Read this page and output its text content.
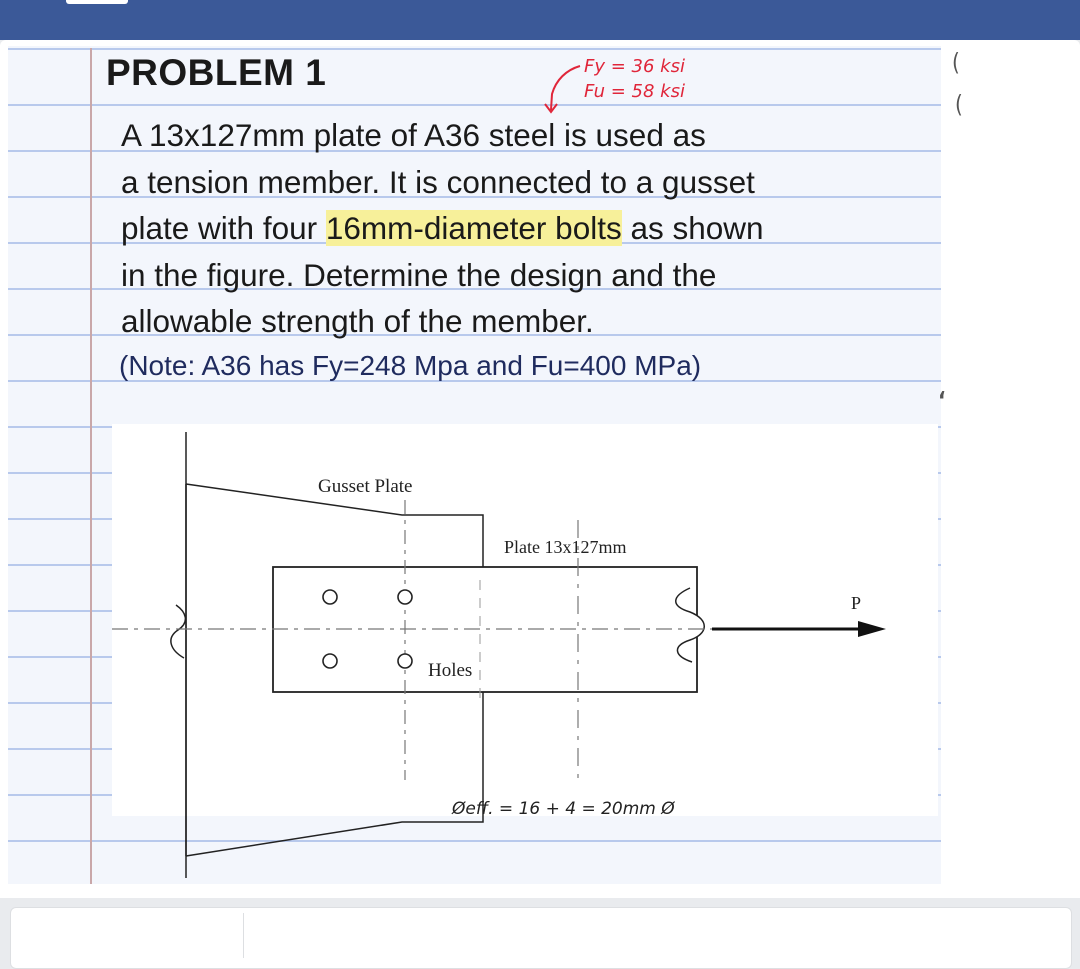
PROBLEM 1
A 13x127mm plate of A36 steel is used as
a tension member. It is connected to a gusset
plate with four 16mm-diameter bolts as shown
in the figure. Determine the design and the
allowable strength of the member.
(Note: A36 has Fy=248 Mpa and Fu=400 MPa)
Fy = 36 ksi
Fu = 58 ksi
Gusset Plate
Plate 13x127mm
Holes
P
Øeff. = 16 + 4 = 20mm Ø
(
(
‘
